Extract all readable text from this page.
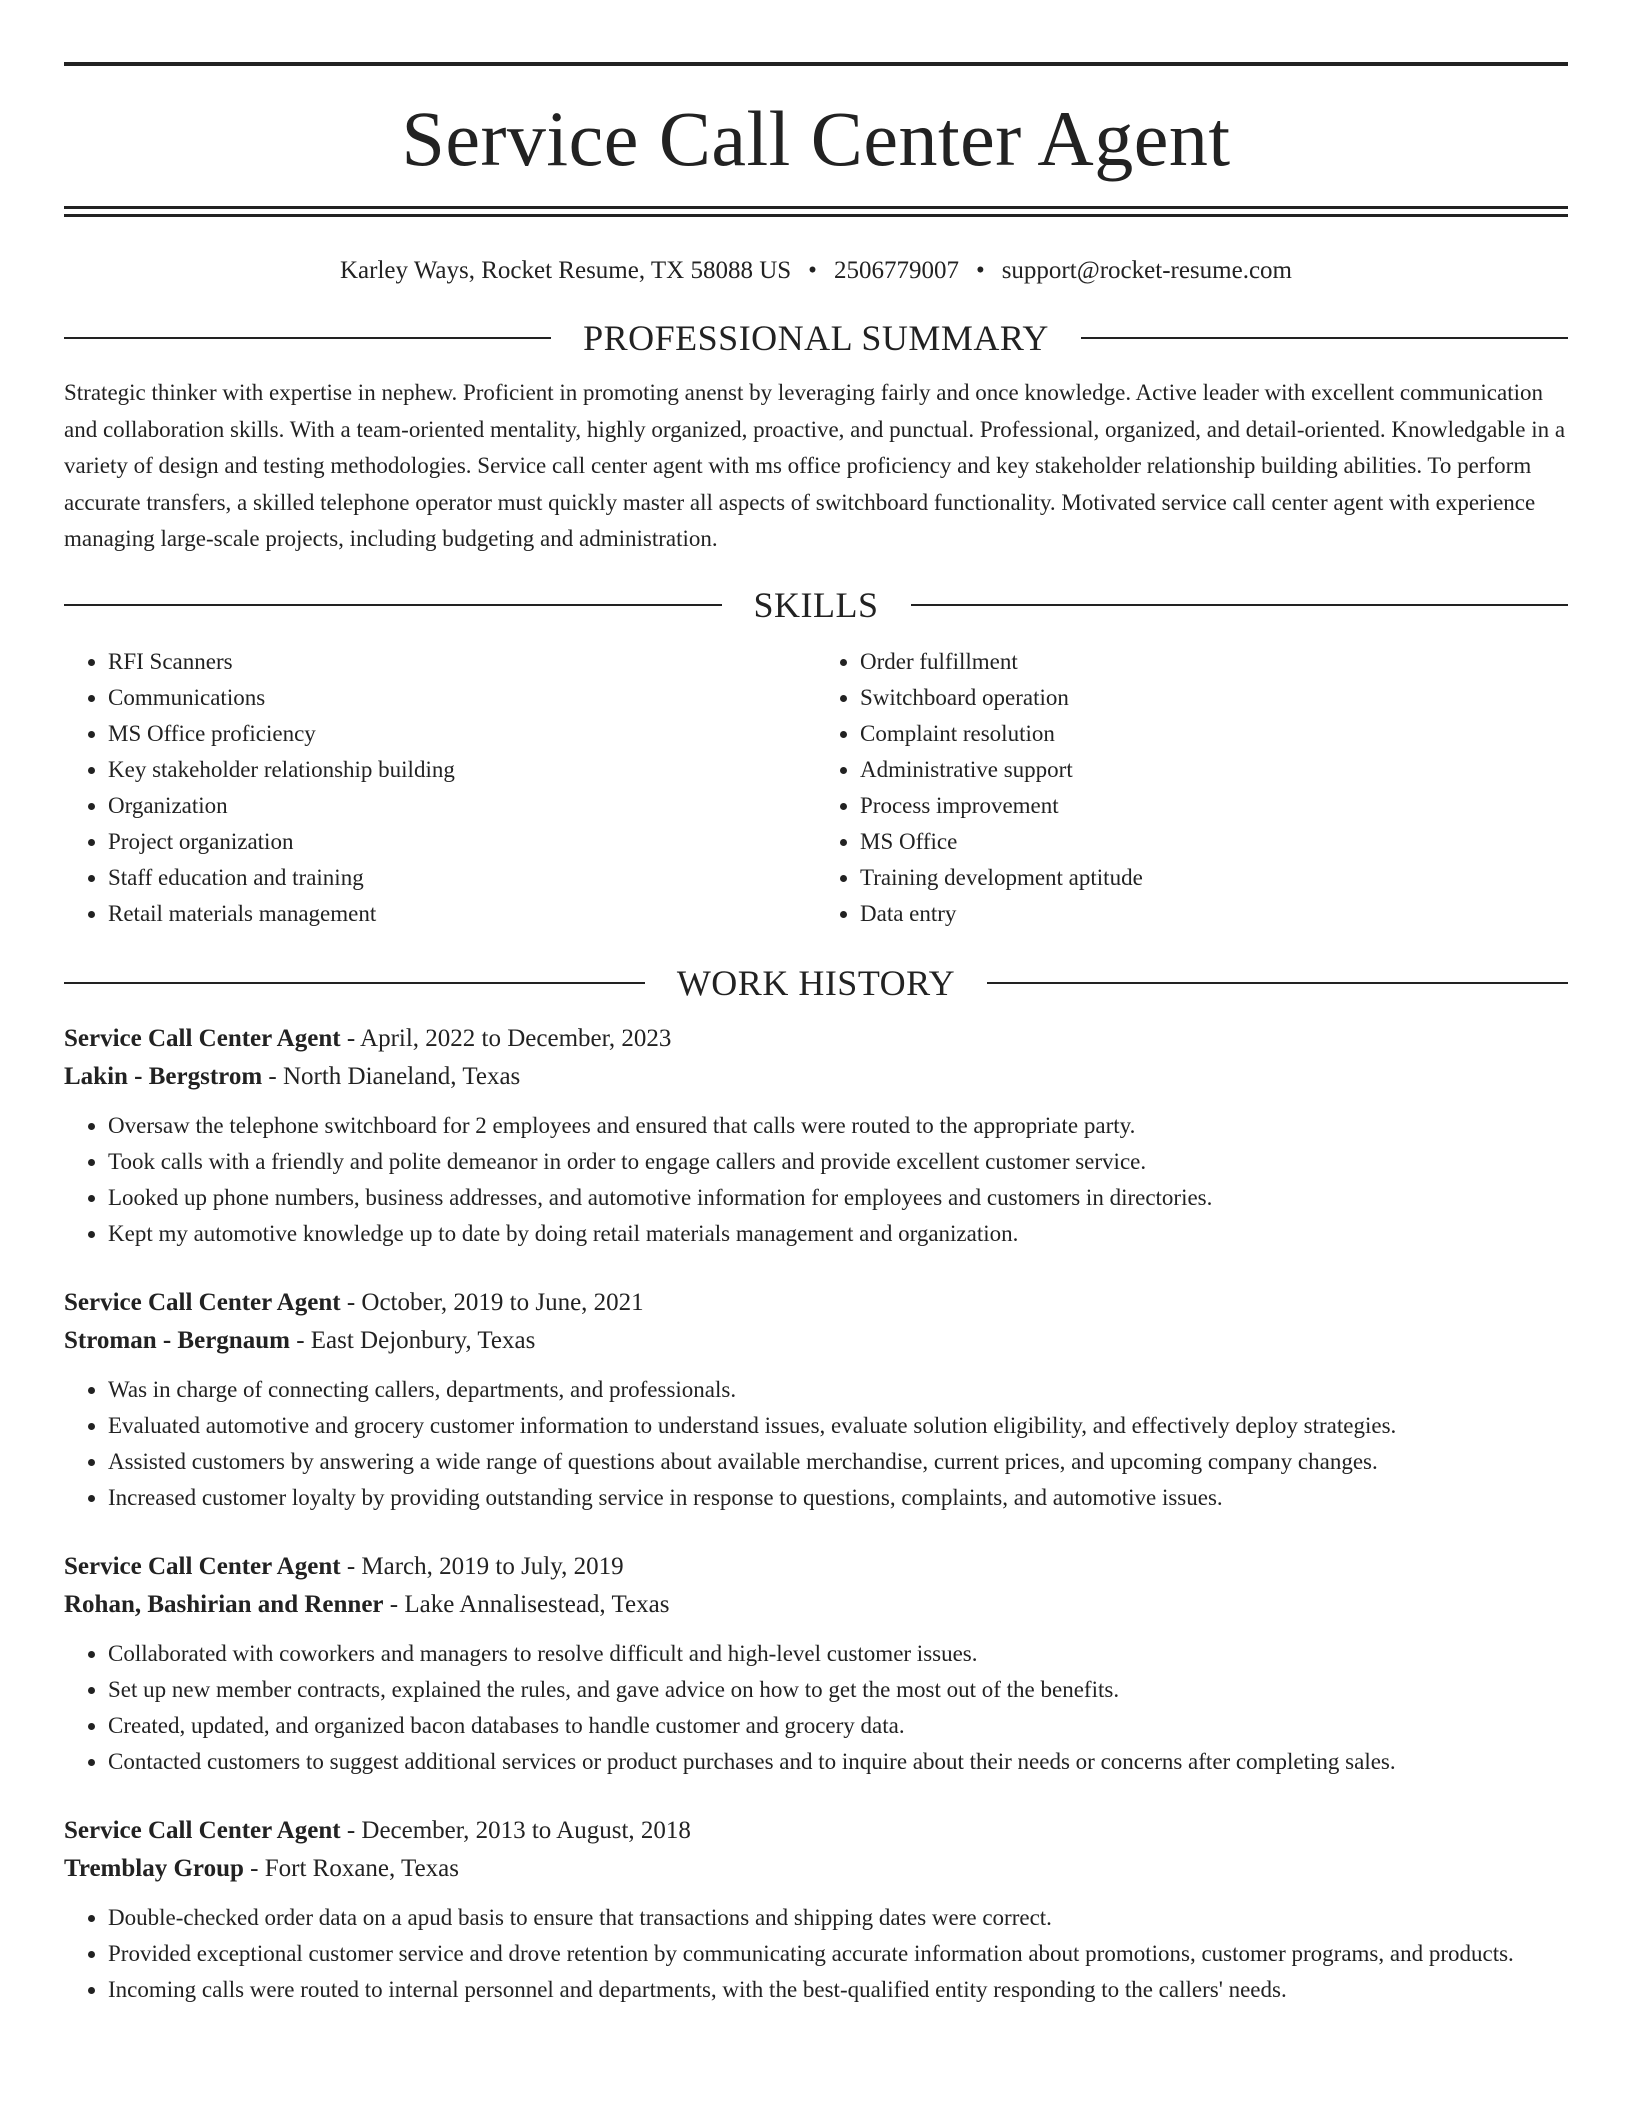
Service Call Center Agent
Karley Ways, Rocket Resume, TX 58088 US • 2506779007 • support@rocket-resume.com
PROFESSIONAL SUMMARY
Strategic thinker with expertise in nephew. Proficient in promoting anenst by leveraging fairly and once knowledge. Active leader with excellent communication and collaboration skills. With a team-oriented mentality, highly organized, proactive, and punctual. Professional, organized, and detail-oriented. Knowledgable in a variety of design and testing methodologies. Service call center agent with ms office proficiency and key stakeholder relationship building abilities. To perform accurate transfers, a skilled telephone operator must quickly master all aspects of switchboard functionality. Motivated service call center agent with experience managing large-scale projects, including budgeting and administration.
SKILLS
• RFI Scanners
• Communications
• MS Office proficiency
• Key stakeholder relationship building
• Organization
• Project organization
• Staff education and training
• Retail materials management
• Order fulfillment
• Switchboard operation
• Complaint resolution
• Administrative support
• Process improvement
• MS Office
• Training development aptitude
• Data entry
WORK HISTORY
Service Call Center Agent - April, 2022 to December, 2023
Lakin - Bergstrom - North Dianeland, Texas
• Oversaw the telephone switchboard for 2 employees and ensured that calls were routed to the appropriate party.
• Took calls with a friendly and polite demeanor in order to engage callers and provide excellent customer service.
• Looked up phone numbers, business addresses, and automotive information for employees and customers in directories.
• Kept my automotive knowledge up to date by doing retail materials management and organization.
Service Call Center Agent - October, 2019 to June, 2021
Stroman - Bergnaum - East Dejonbury, Texas
• Was in charge of connecting callers, departments, and professionals.
• Evaluated automotive and grocery customer information to understand issues, evaluate solution eligibility, and effectively deploy strategies.
• Assisted customers by answering a wide range of questions about available merchandise, current prices, and upcoming company changes.
• Increased customer loyalty by providing outstanding service in response to questions, complaints, and automotive issues.
Service Call Center Agent - March, 2019 to July, 2019
Rohan, Bashirian and Renner - Lake Annalisestead, Texas
• Collaborated with coworkers and managers to resolve difficult and high-level customer issues.
• Set up new member contracts, explained the rules, and gave advice on how to get the most out of the benefits.
• Created, updated, and organized bacon databases to handle customer and grocery data.
• Contacted customers to suggest additional services or product purchases and to inquire about their needs or concerns after completing sales.
Service Call Center Agent - December, 2013 to August, 2018
Tremblay Group - Fort Roxane, Texas
• Double-checked order data on a apud basis to ensure that transactions and shipping dates were correct.
• Provided exceptional customer service and drove retention by communicating accurate information about promotions, customer programs, and products.
• Incoming calls were routed to internal personnel and departments, with the best-qualified entity responding to the callers' needs.
